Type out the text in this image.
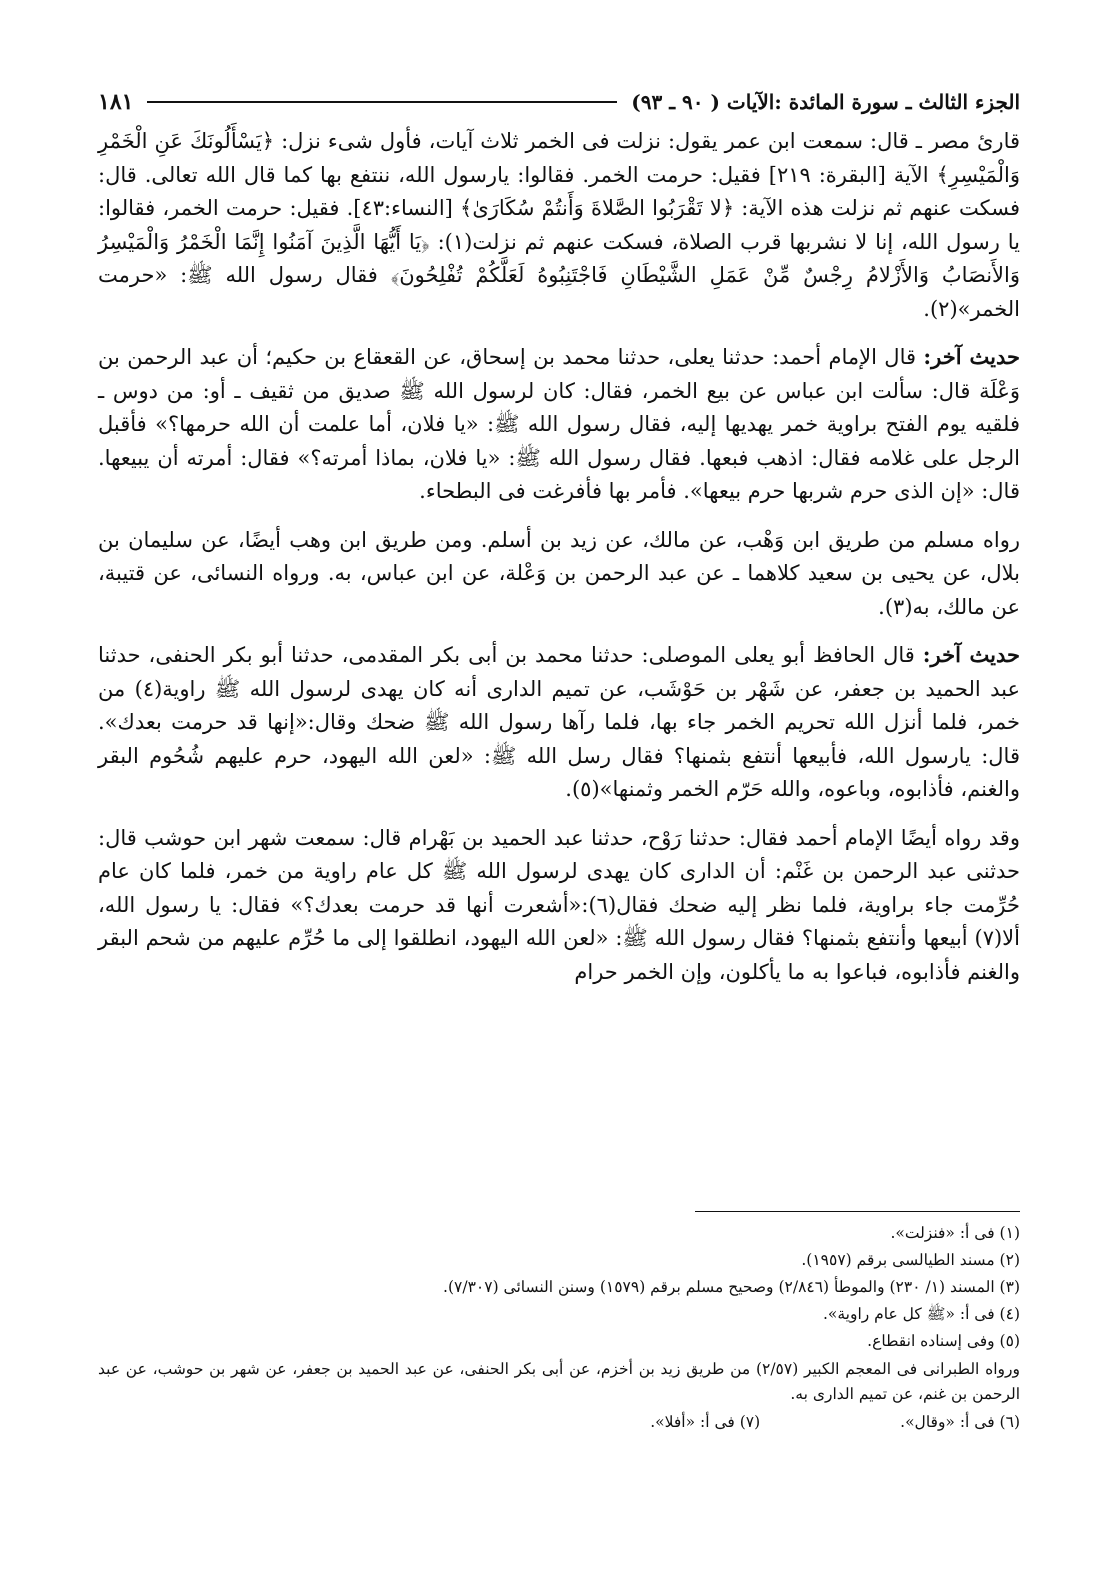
الجزء الثالث ـ سورة المائدة :الآيات ( ٩٠ ـ ٩٣)
١٨١

قارئ مصر ـ قال: سمعت ابن عمر يقول: نزلت فى الخمر ثلاث آيات، فأول شىء نزل: ﴿يَسْأَلُونَكَ عَنِ الْخَمْرِ وَالْمَيْسِرِ﴾ الآية [البقرة: ٢١٩] فقيل: حرمت الخمر. فقالوا: يارسول الله، ننتفع بها كما قال الله تعالى. قال: فسكت عنهم ثم نزلت هذه الآية: ﴿لا تَقْرَبُوا الصَّلاةَ وَأَنتُمْ سُكَارَىٰ﴾ [النساء:٤٣]. فقيل: حرمت الخمر، فقالوا: يا رسول الله، إنا لا نشربها قرب الصلاة، فسكت عنهم ثم نزلت(١): ﴿يَا أَيُّهَا الَّذِينَ آمَنُوا إِنَّمَا الْخَمْرُ وَالْمَيْسِرُ وَالأَنصَابُ وَالأَزْلامُ رِجْسٌ مِّنْ عَمَلِ الشَّيْطَانِ فَاجْتَنِبُوهُ لَعَلَّكُمْ تُفْلِحُونَ﴾ فقال رسول الله ﷺ: «حرمت الخمر»(٢).

حديث آخر: قال الإمام أحمد: حدثنا يعلى، حدثنا محمد بن إسحاق، عن القعقاع بن حكيم؛ أن عبد الرحمن بن وَعْلَة قال: سألت ابن عباس عن بيع الخمر، فقال: كان لرسول الله ﷺ صديق من ثقيف ـ أو: من دوس ـ فلقيه يوم الفتح براوية خمر يهديها إليه، فقال رسول الله ﷺ: «يا فلان، أما علمت أن الله حرمها؟» فأقبل الرجل على غلامه فقال: اذهب فبعها. فقال رسول الله ﷺ: «يا فلان، بماذا أمرته؟» فقال: أمرته أن يبيعها. قال: «إن الذى حرم شربها حرم بيعها». فأمر بها فأفرغت فى البطحاء.

رواه مسلم من طريق ابن وَهْب، عن مالك، عن زيد بن أسلم. ومن طريق ابن وهب أيضًا، عن سليمان بن بلال، عن يحيى بن سعيد كلاهما ـ عن عبد الرحمن بن وَعْلة، عن ابن عباس، به. ورواه النسائى، عن قتيبة، عن مالك، به(٣).

حديث آخر: قال الحافظ أبو يعلى الموصلى: حدثنا محمد بن أبى بكر المقدمى، حدثنا أبو بكر الحنفى، حدثنا عبد الحميد بن جعفر، عن شَهْر بن حَوْشَب، عن تميم الدارى أنه كان يهدى لرسول الله ﷺ راوية(٤) من خمر، فلما أنزل الله تحريم الخمر جاء بها، فلما رآها رسول الله ﷺ ضحك وقال:«إنها قد حرمت بعدك». قال: يارسول الله، فأبيعها أنتفع بثمنها؟ فقال رسل الله ﷺ: «لعن الله اليهود، حرم عليهم شُحُوم البقر والغنم، فأذابوه، وباعوه، والله حَرّم الخمر وثمنها»(٥).

وقد رواه أيضًا الإمام أحمد فقال: حدثنا رَوْح، حدثنا عبد الحميد بن بَهْرام قال: سمعت شهر ابن حوشب قال: حدثنى عبد الرحمن بن غَنْم: أن الدارى كان يهدى لرسول الله ﷺ كل عام راوية من خمر، فلما كان عام حُرِّمت جاء براوية، فلما نظر إليه ضحك فقال(٦):«أشعرت أنها قد حرمت بعدك؟» فقال: يا رسول الله، ألا(٧) أبيعها وأنتفع بثمنها؟ فقال رسول الله ﷺ: «لعن الله اليهود، انطلقوا إلى ما حُرِّم عليهم من شحم البقر والغنم فأذابوه، فباعوا به ما يأكلون، وإن الخمر حرام

(١) فى أ: «فنزلت».

(٢) مسند الطيالسى برقم (١٩٥٧).

(٣) المسند (١/ ٢٣٠) والموطأ (٢/٨٤٦) وصحيح مسلم برقم (١٥٧٩) وسنن النسائى (٧/٣٠٧).

(٤) فى أ: «ﷺ كل عام راوية».

(٥) وفى إسناده انقطاع.

ورواه الطبرانى فى المعجم الكبير (٢/٥٧) من طريق زيد بن أخزم، عن أبى بكر الحنفى، عن عبد الحميد بن جعفر، عن شهر بن حوشب، عن عبد الرحمن بن غنم، عن تميم الدارى به.

(٦) فى أ: «وقال».
(٧) فى أ: «أفلا».
